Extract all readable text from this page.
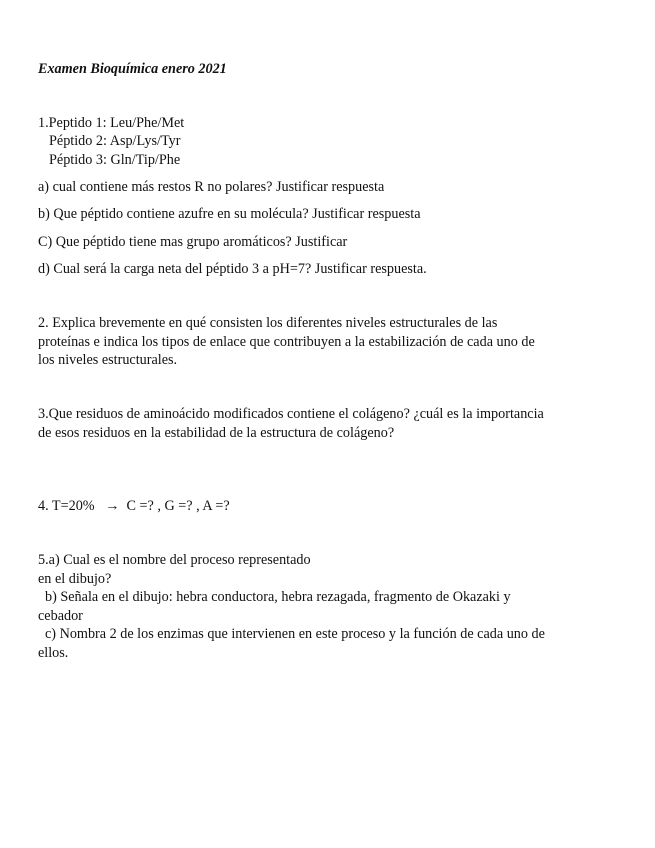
Examen Bioquímica enero 2021
1.Peptido 1: Leu/Phe/Met
Péptido 2: Asp/Lys/Tyr
Péptido 3: Gln/Tip/Phe
a) cual contiene más restos R no polares? Justificar respuesta
b) Que péptido contiene azufre en su molécula? Justificar respuesta
C) Que péptido tiene mas grupo aromáticos? Justificar
d) Cual será la carga neta del péptido 3 a pH=7? Justificar respuesta.
2. Explica brevemente en qué consisten los diferentes niveles estructurales de las
proteínas e indica los tipos de enlace que contribuyen a la estabilización de cada uno de
los niveles estructurales.
3.Que residuos de aminoácido modificados contiene el colágeno? ¿cuál es la importancia
de esos residuos en la estabilidad de la estructura de colágeno?
4. T=20%   →  C =? , G =? , A =?
5.a) Cual es el nombre del proceso representado
en el dibujo?
b) Señala en el dibujo: hebra conductora, hebra rezagada, fragmento de Okazaki y
cebador
c) Nombra 2 de los enzimas que intervienen en este proceso y la función de cada uno de
ellos.
